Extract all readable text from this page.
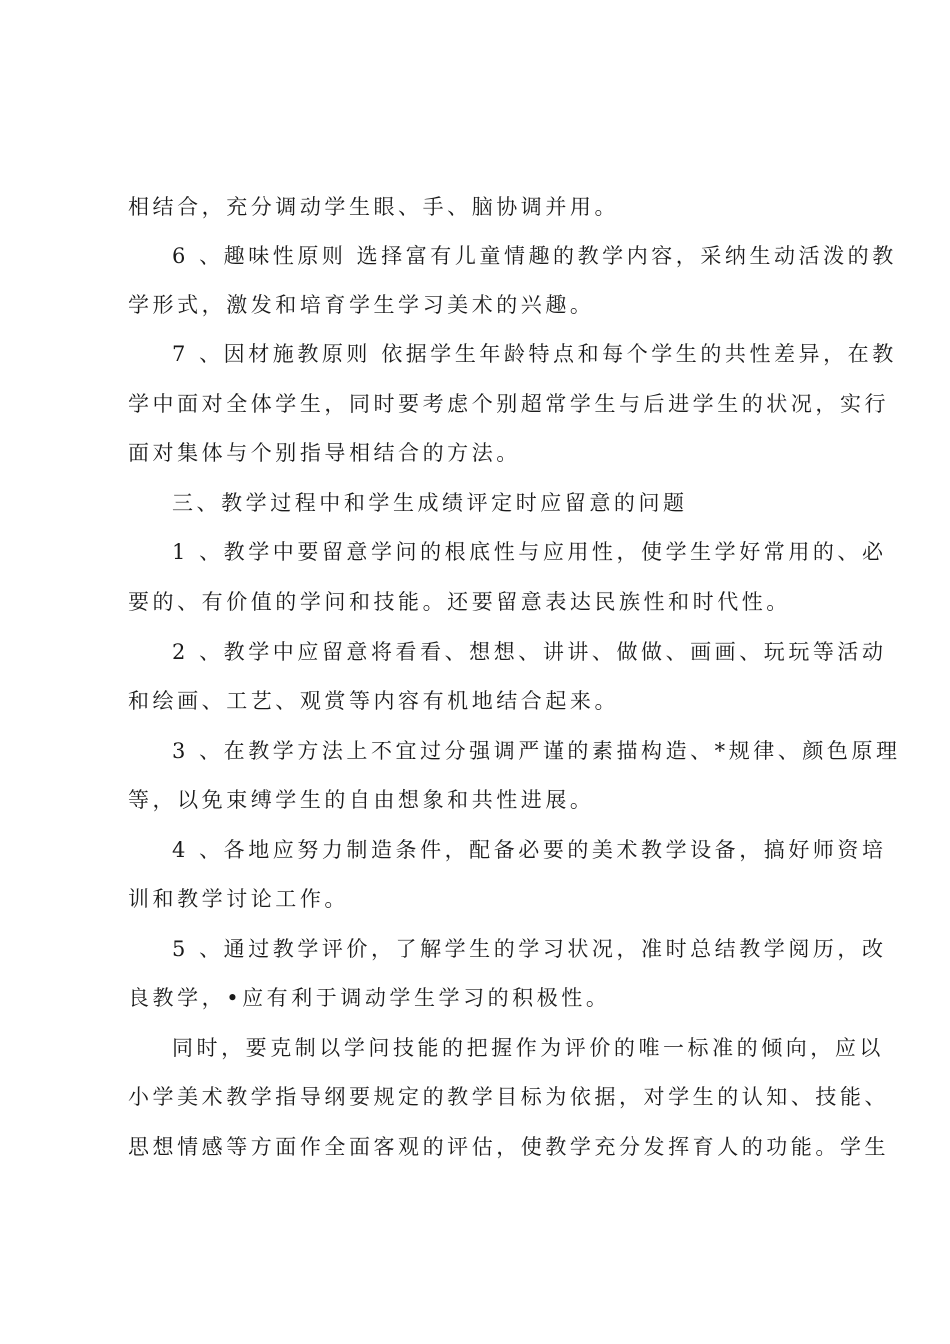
相结合，充分调动学生眼、手、脑协调并用。
6 、趣味性原则 选择富有儿童情趣的教学内容，采纳生动活泼的教
学形式，激发和培育学生学习美术的兴趣。
7 、因材施教原则 依据学生年龄特点和每个学生的共性差异，在教
学中面对全体学生，同时要考虑个别超常学生与后进学生的状况，实行
面对集体与个别指导相结合的方法。
三、教学过程中和学生成绩评定时应留意的问题
1 、教学中要留意学问的根底性与应用性，使学生学好常用的、必
要的、有价值的学问和技能。还要留意表达民族性和时代性。
2 、教学中应留意将看看、想想、讲讲、做做、画画、玩玩等活动
和绘画、工艺、观赏等内容有机地结合起来。
3 、在教学方法上不宜过分强调严谨的素描构造、*规律、颜色原理
等，以免束缚学生的自由想象和共性进展。
4 、各地应努力制造条件，配备必要的美术教学设备，搞好师资培
训和教学讨论工作。
5 、通过教学评价，了解学生的学习状况，准时总结教学阅历，改
良教学，•应有利于调动学生学习的积极性。
同时，要克制以学问技能的把握作为评价的唯一标准的倾向，应以
小学美术教学指导纲要规定的教学目标为依据，对学生的认知、技能、
思想情感等方面作全面客观的评估，使教学充分发挥育人的功能。学生
